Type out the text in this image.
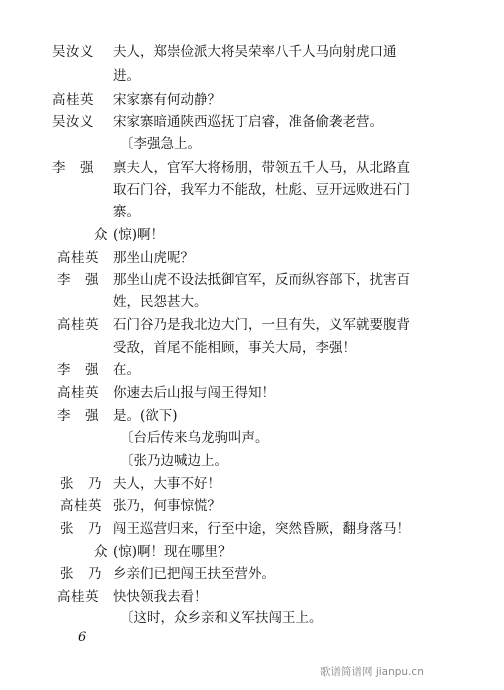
吴汝义 夫人，郑崇俭派大将吴荣率八千人马向射虎口通
进。
高桂英 宋家寨有何动静？
吴汝义 宋家寨暗通陕西巡抚丁启睿，准备偷袭老营。
〔李强急上。
李　强 禀夫人，官军大将杨朋，带领五千人马，从北路直
取石门谷，我军力不能敌，杜彪、豆开远败进石门
寨。
众 (惊)啊！
高桂英 那坐山虎呢？
李　强 那坐山虎不设法抵御官军，反而纵容部下，扰害百
姓，民怨甚大。
高桂英 石门谷乃是我北边大门，一旦有失，义军就要腹背
受敌，首尾不能相顾，事关大局，李强！
李　强 在。
高桂英 你速去后山报与闯王得知！
李　强 是。(欲下)
〔台后传来乌龙驹叫声。
〔张乃边喊边上。
张　乃 夫人，大事不好！
高桂英 张乃，何事惊慌？
张　乃 闯王巡营归来，行至中途，突然昏厥，翻身落马！
众 (惊)啊！现在哪里？
张　乃 乡亲们已把闯王扶至营外。
高桂英 快快领我去看！
〔这时，众乡亲和义军扶闯王上。
6
歌谱简谱网 jianpu.cn
